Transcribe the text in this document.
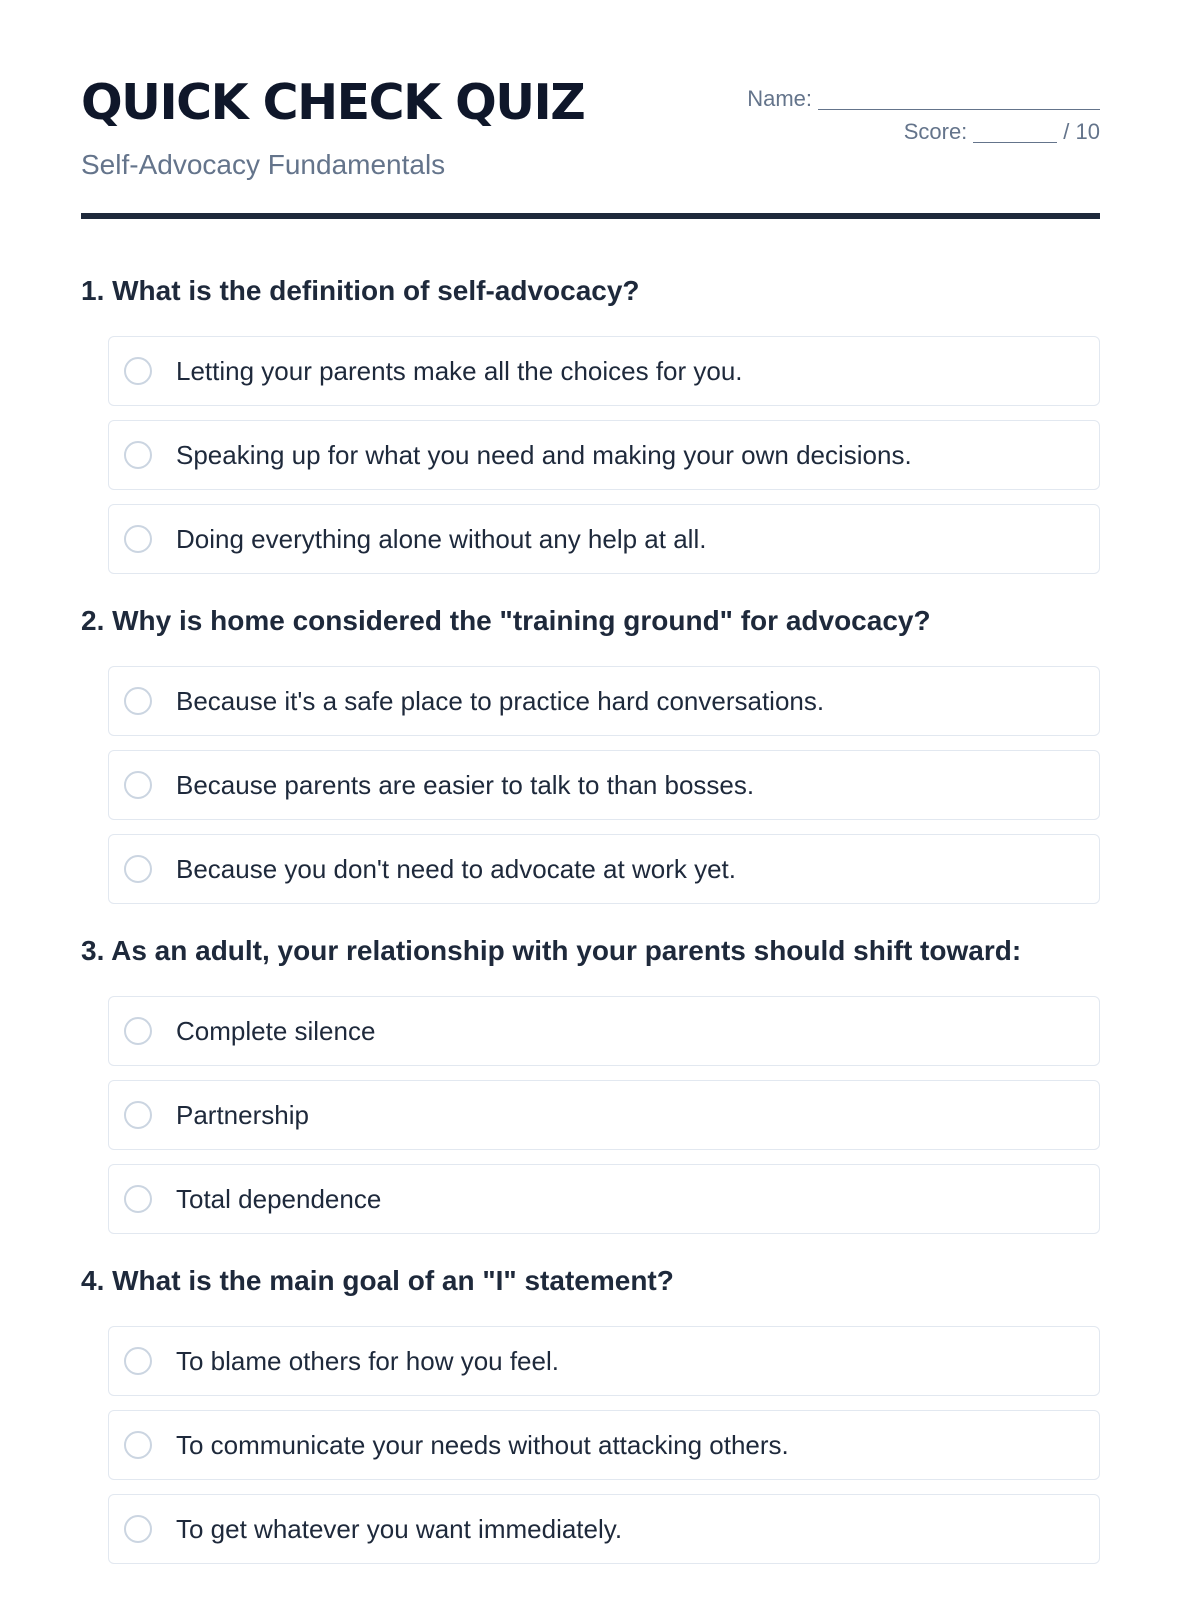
QUICK CHECK QUIZ
Self-Advocacy Fundamentals
Name:
Score:	/ 10
1. What is the definition of self-advocacy?
Letting your parents make all the choices for you.
Speaking up for what you need and making your own decisions.
Doing everything alone without any help at all.
2. Why is home considered the "training ground" for advocacy?
Because it's a safe place to practice hard conversations.
Because parents are easier to talk to than bosses.
Because you don't need to advocate at work yet.
3. As an adult, your relationship with your parents should shift toward:
Complete silence
Partnership
Total dependence
4. What is the main goal of an "I" statement?
To blame others for how you feel.
To communicate your needs without attacking others.
To get whatever you want immediately.
